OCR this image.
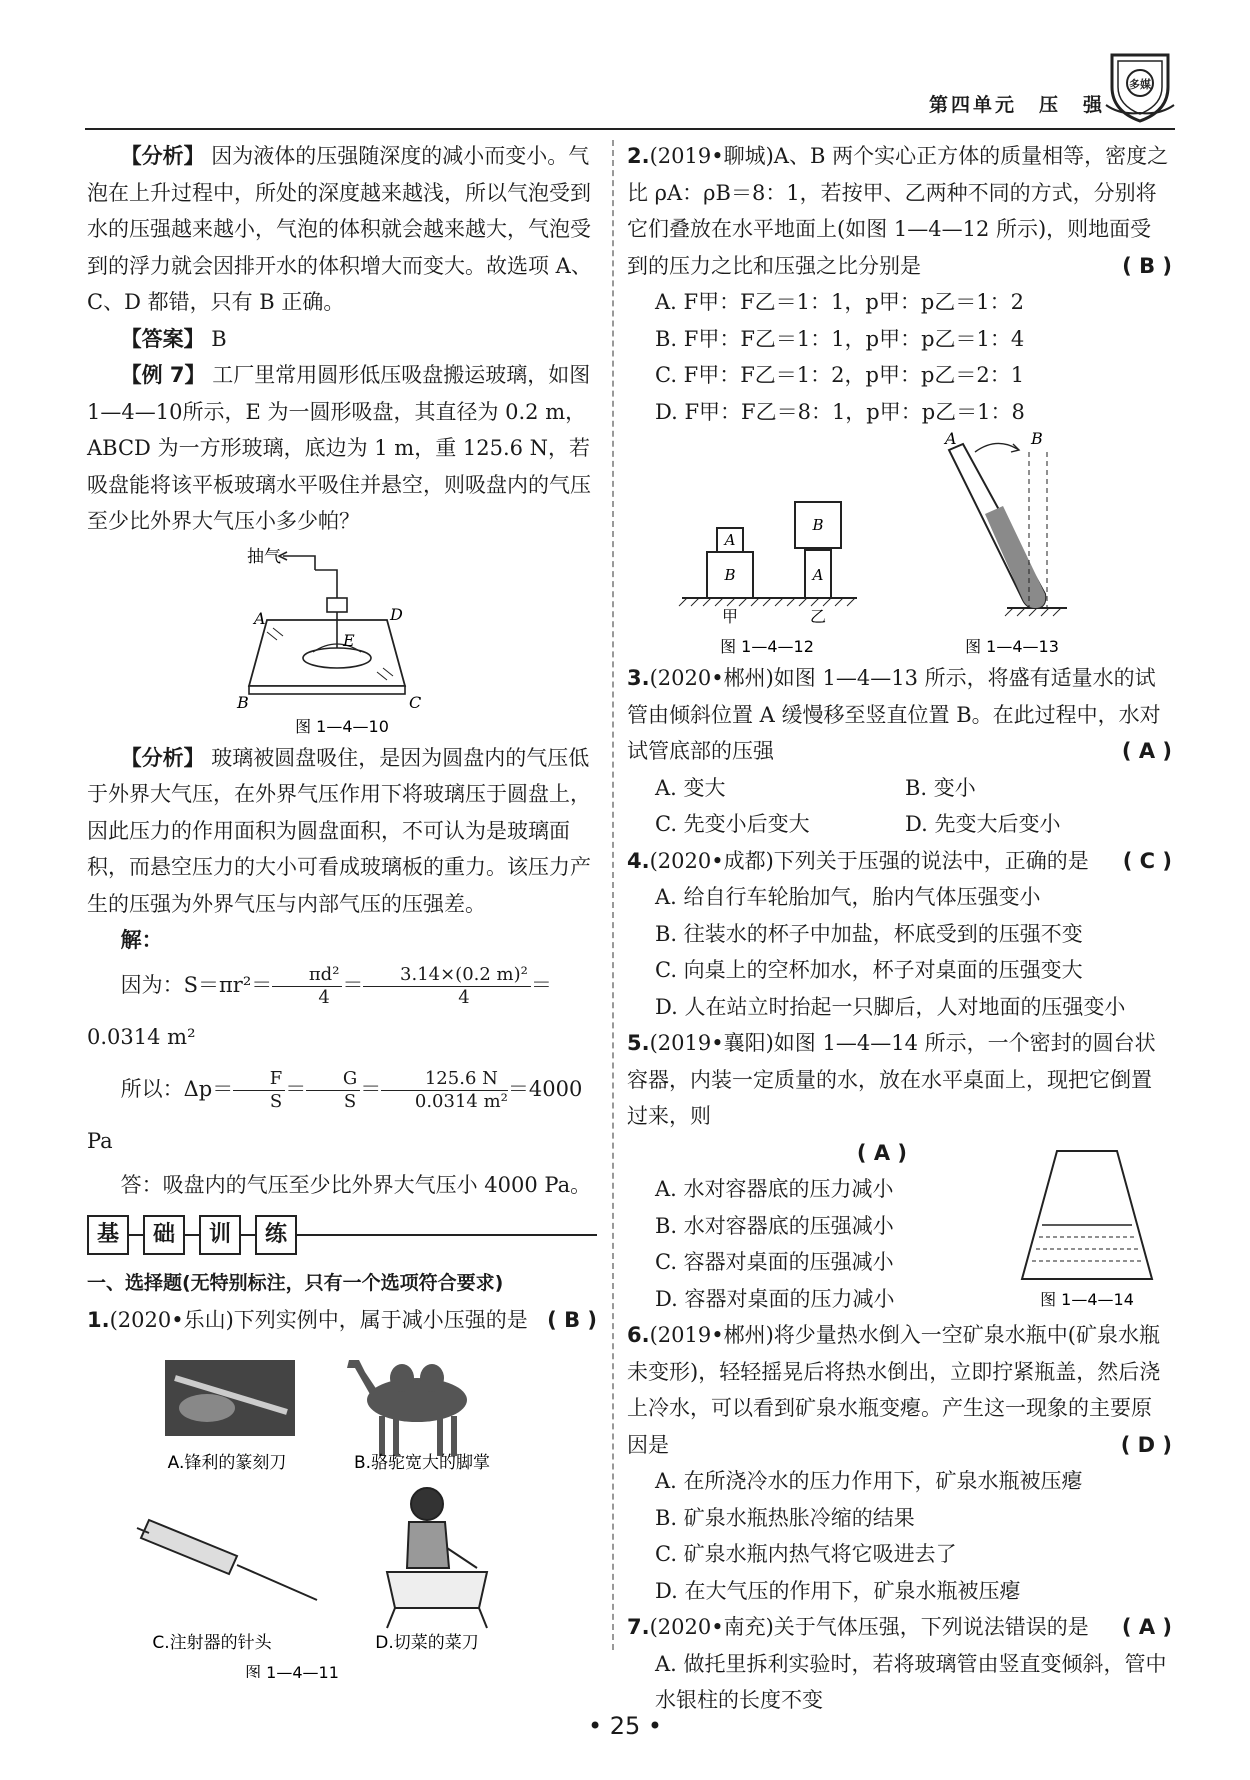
第四单元　压　强
多媒

【分析】 因为液体的压强随深度的减小而变小。气泡在上升过程中，所处的深度越来越浅，所以气泡受到水的压强越来越小，气泡的体积就会越来越大，气泡受到的浮力就会因排开水的体积增大而变大。故选项 A、C、D 都错，只有 B 正确。

【答案】 B

【例 7】 工厂里常用圆形低压吸盘搬运玻璃，如图 1—4—10所示，E 为一圆形吸盘，其直径为 0.2 m，ABCD 为一方形玻璃，底边为 1 m，重 125.6 N，若吸盘能将该平板玻璃水平吸住并悬空，则吸盘内的气压至少比外界大气压小多少帕？

抽气
A	D
B	C
E
图 1—4—10

【分析】 玻璃被圆盘吸住，是因为圆盘内的气压低于外界大气压，在外界气压作用下将玻璃压于圆盘上，因此压力的作用面积为圆盘面积，不可认为是玻璃面积，而悬空压力的大小可看成玻璃板的重力。该压力产生的压强为外界气压与内部气压的压强差。

解：

因为：$S=\pi r^2= \frac{\text{πd²}}{4} = \frac{\text{3.14×(0.2 m)²}}{4} =0.0314$ m²

所以：$\Delta p= \frac{F}{S} = \frac{G}{S} = \frac{125.6 N}{\text{0.0314 m²}} =4000$ Pa

答：吸盘内的气压至少比外界大气压小 4000 Pa。

基	础	训	练

一、选择题(无特别标注，只有一个选项符合要求)

1.(2020•乐山)下列实例中，属于减小压强的是 ( B )

A.锋利的篆刻刀	B.骆驼宽大的脚掌
C.注射器的针头	D.切菜的菜刀
图 1—4—11

2.(2019•聊城)A、B 两个实心正方体的质量相等，密度之比 ρA：ρB＝8：1，若按甲、乙两种不同的方式，分别将它们叠放在水平地面上(如图 1—4—12 所示)，则地面受到的压力之比和压强之比分别是	( B )

A. F甲：F乙＝1：1，p甲：p乙＝1：2

B. F甲：F乙＝1：1，p甲：p乙＝1：4

C. F甲：F乙＝1：2，p甲：p乙＝2：1

D. F甲：F乙＝8：1，p甲：p乙＝1：8

A
B
B
A
甲	乙
图 1—4—12
A	B
图 1—4—13

3.(2020•郴州)如图 1—4—13 所示，将盛有适量水的试管由倾斜位置 A 缓慢移至竖直位置 B。在此过程中，水对试管底部的压强	( A )

A. 变大	B. 变小

C. 先变小后变大	D. 先变大后变小

4.(2020•成都)下列关于压强的说法中，正确的是 ( C )

A. 给自行车轮胎加气，胎内气体压强变小

B. 往装水的杯子中加盐，杯底受到的压强不变

C. 向桌上的空杯加水，杯子对桌面的压强变大

D. 人在站立时抬起一只脚后，人对地面的压强变小

5.(2019•襄阳)如图 1—4—14 所示，一个密封的圆台状容器，内装一定质量的水，放在水平桌面上，现把它倒置过来，则

( A )

A. 水对容器底的压力减小

B. 水对容器底的压强减小

C. 容器对桌面的压强减小

D. 容器对桌面的压力减小	图 1—4—14

6.(2019•郴州)将少量热水倒入一空矿泉水瓶中(矿泉水瓶未变形)，轻轻摇晃后将热水倒出，立即拧紧瓶盖，然后浇上冷水，可以看到矿泉水瓶变瘪。产生这一现象的主要原因是	( D )

A. 在所浇冷水的压力作用下，矿泉水瓶被压瘪

B. 矿泉水瓶热胀冷缩的结果

C. 矿泉水瓶内热气将它吸进去了

D. 在大气压的作用下，矿泉水瓶被压瘪

7.(2020•南充)关于气体压强，下列说法错误的是 ( A )

A. 做托里拆利实验时，若将玻璃管由竖直变倾斜，管中水银柱的长度不变

• 25 •
